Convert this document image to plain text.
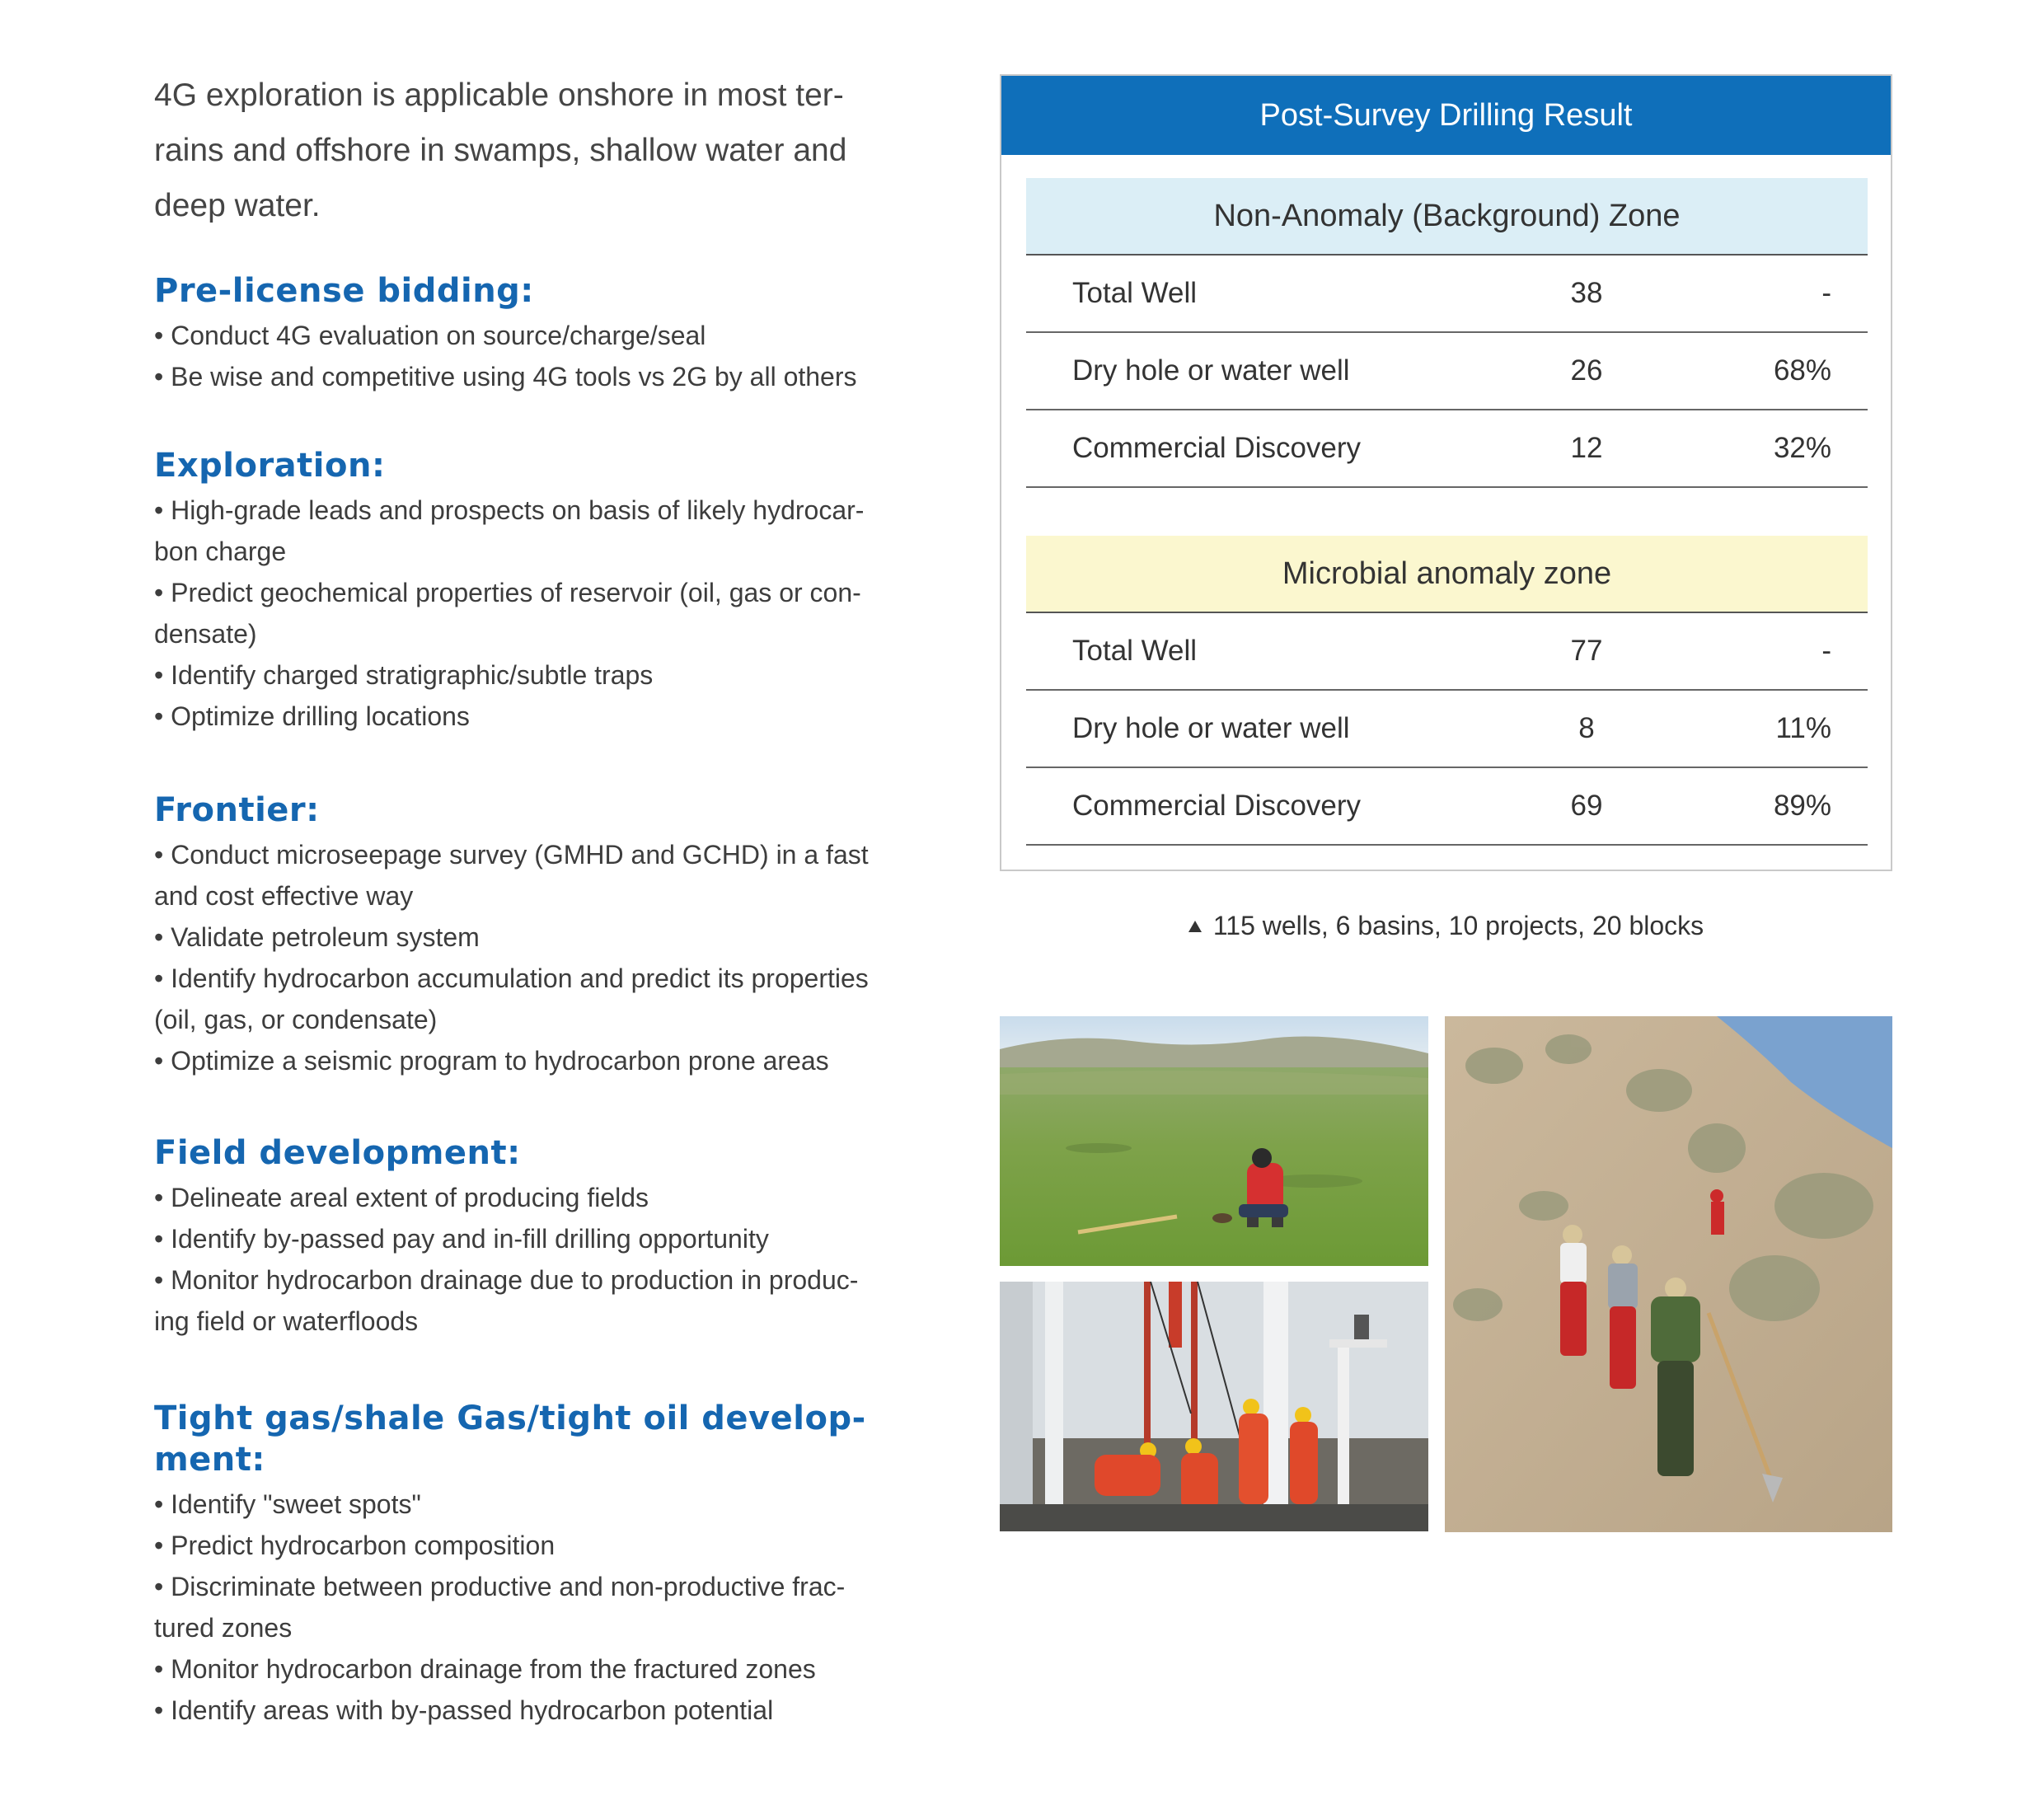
4G exploration is applicable onshore in most ter-
rains and offshore in swamps, shallow water and
deep water.

Pre-license bidding:
• Conduct 4G evaluation on source/charge/seal
• Be wise and competitive using 4G tools vs 2G by all others
Exploration:
• High-grade leads and prospects on basis of likely hydrocar-
bon charge
• Predict geochemical properties of reservoir (oil, gas or con-
densate)
• Identify charged stratigraphic/subtle traps
• Optimize drilling locations
Frontier:
• Conduct microseepage survey (GMHD and GCHD) in a fast
and cost effective way
• Validate petroleum system
• Identify hydrocarbon accumulation and predict its properties
(oil, gas, or condensate)
• Optimize a seismic program to hydrocarbon prone areas
Field development:
• Delineate areal extent of producing fields
• Identify by-passed pay and in-fill drilling opportunity
• Monitor hydrocarbon drainage due to production in produc-
ing field or waterfloods
Tight gas/shale Gas/tight oil develop-
ment:
• Identify "sweet spots"
• Predict hydrocarbon composition
• Discriminate between productive and non-productive frac-
tured zones
• Monitor hydrocarbon drainage from the fractured zones
• Identify areas with by-passed hydrocarbon potential
Post-Survey Drilling Result
Non-Anomaly (Background) Zone
Total Well	38	-
Dry hole or water well	26	68%
Commercial Discovery	12	32%
Microbial anomaly zone
Total Well	77	-
Dry hole or water well	8	11%
Commercial Discovery	69	89%
115 wells, 6 basins, 10 projects, 20 blocks
